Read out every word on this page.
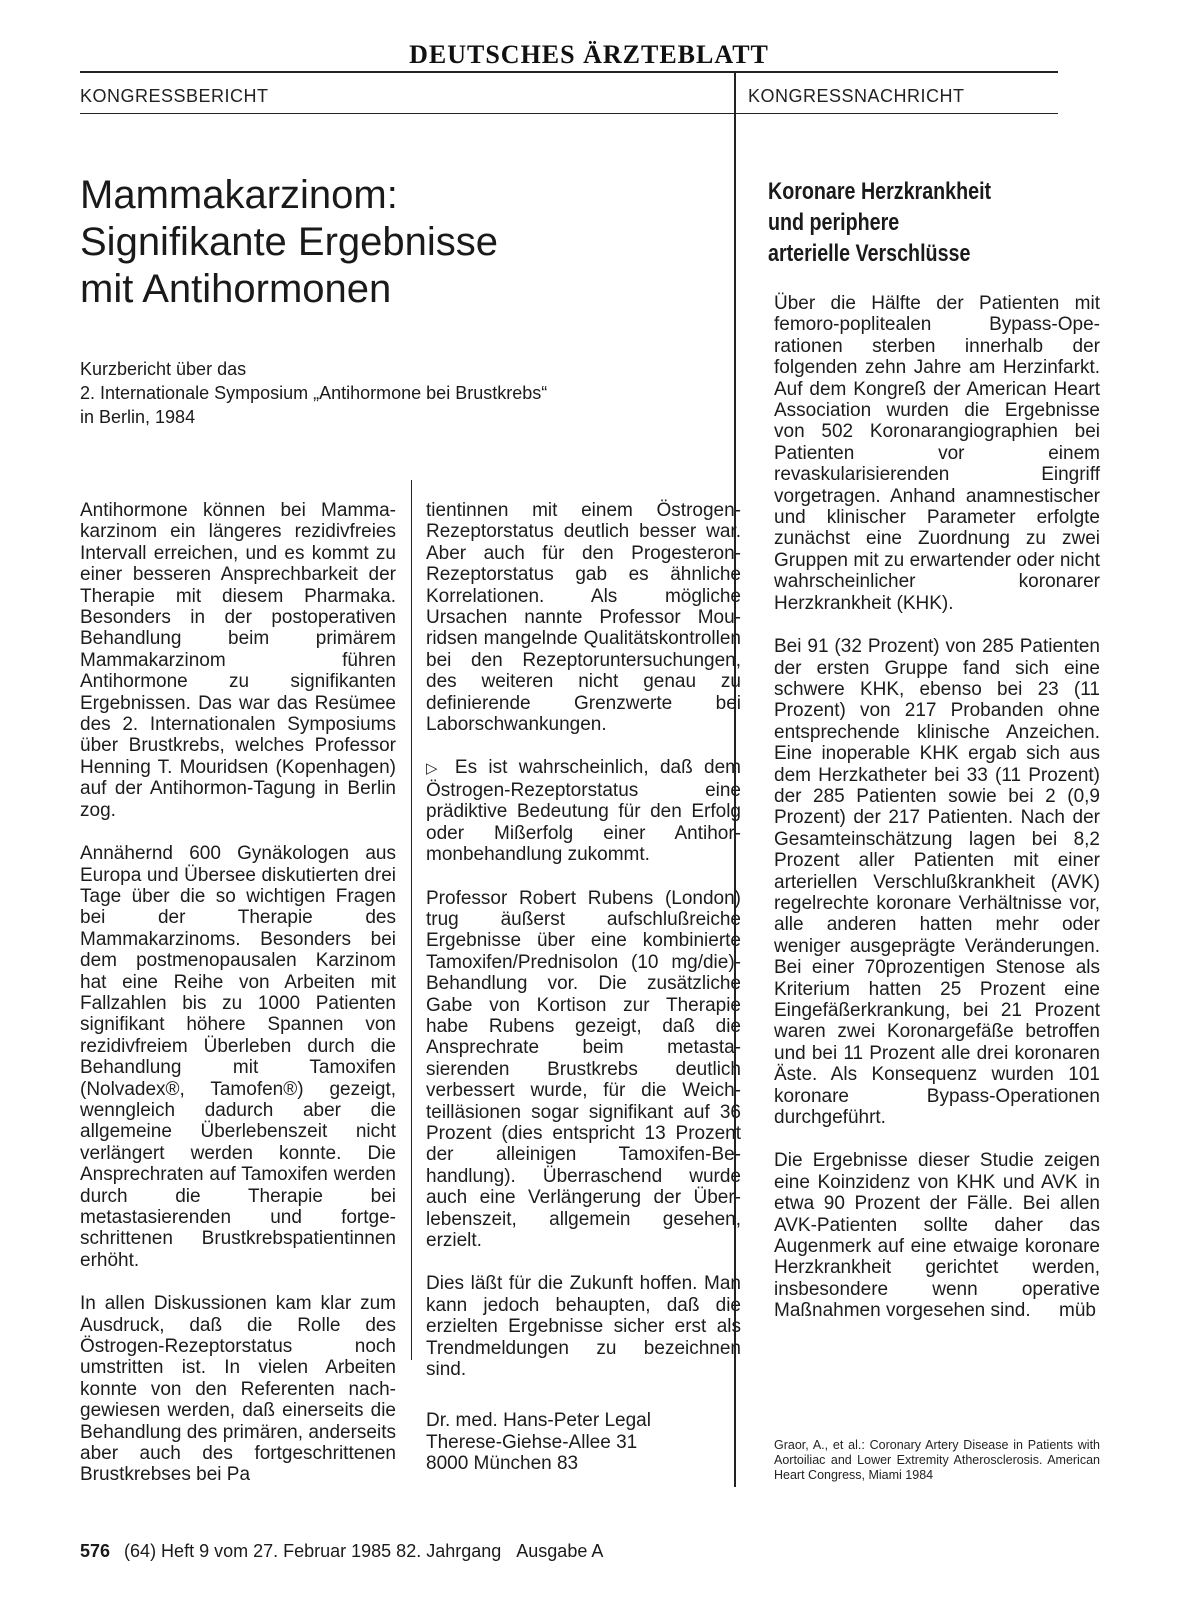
DEUTSCHES ÄRZTEBLATT
KONGRESSBERICHT	KONGRESSNACHRICHT
Mammakarzinom:
Signifikante Ergebnisse
mit Antihormonen
Kurzbericht über das
2. Internationale Symposium „Antihormone bei Brustkrebs“
in Berlin, 1984

Antihormone können bei Mammakarzinom ein längeres rezidivfreies Intervall erreichen, und es kommt zu einer besseren Ansprechbarkeit der Therapie mit diesem Pharmaka. Besonders in der postoperativen Behandlung beim primärem Mammakarzinom führen Antihormone zu signifikanten Ergebnissen. Das war das Resümee des 2. Internationalen Symposiums über Brustkrebs, welches Professor Henning T. Mouridsen (Kopenhagen) auf der Antihormon-Tagung in Berlin zog.

Annähernd 600 Gynäkologen aus Europa und Übersee diskutierten drei Tage über die so wichtigen Fragen bei der Therapie des Mammakarzinoms. Besonders bei dem postmenopausalen Karzinom hat eine Reihe von Arbeiten mit Fallzahlen bis zu 1000 Patienten signifikant höhere Spannen von rezidivfreiem Überleben durch die Behandlung mit Tamoxifen (Nolvadex®, Tamofen®) gezeigt, wenngleich dadurch aber die allgemeine Überlebenszeit nicht verlängert werden konnte. Die Ansprechraten auf Tamoxifen werden durch die Therapie bei metastasierenden und fortgeschrittenen Brustkrebspatientinnen erhöht.

In allen Diskussionen kam klar zum Ausdruck, daß die Rolle des Östrogen-Rezeptorstatus noch umstritten ist. In vielen Arbeiten konnte von den Referenten nachgewiesen werden, daß einerseits die Behandlung des primären, anderseits aber auch des fortgeschrittenen Brustkrebses bei Pa

tientinnen mit einem Östrogen-Rezeptorstatus deutlich besser war. Aber auch für den Progesteron-Rezeptorstatus gab es ähnliche Korrelationen. Als mögliche Ursachen nannte Professor Mouridsen mangelnde Qualitätskontrollen bei den Rezeptoruntersuchungen, des weiteren nicht genau zu definierende Grenzwerte bei Laborschwankungen.

▷ Es ist wahrscheinlich, daß dem Östrogen-Rezeptorstatus eine prädiktive Bedeutung für den Erfolg oder Mißerfolg einer Antihormonbehandlung zukommt.

Professor Robert Rubens (London) trug äußerst aufschlußreiche Ergebnisse über eine kombinierte Tamoxifen/Prednisolon (10 mg/die)-Behandlung vor. Die zusätzliche Gabe von Kortison zur Therapie habe Rubens gezeigt, daß die Ansprechrate beim metastasierenden Brustkrebs deutlich verbessert wurde, für die Weichteilläsionen sogar signifikant auf 36 Prozent (dies entspricht 13 Prozent der alleinigen Tamoxifen-Behandlung). Überraschend wurde auch eine Verlängerung der Überlebenszeit, allgemein gesehen, erzielt.

Dies läßt für die Zukunft hoffen. Man kann jedoch behaupten, daß die erzielten Ergebnisse sicher erst als Trendmeldungen zu bezeichnen sind.

Dr. med. Hans-Peter Legal
Therese-Giehse-Allee 31
8000 München 83
Koronare Herzkrankheit
und periphere
arterielle Verschlüsse

Über die Hälfte der Patienten mit femoro-poplitealen Bypass-Operationen sterben innerhalb der folgenden zehn Jahre am Herzinfarkt. Auf dem Kongreß der American Heart Association wurden die Ergebnisse von 502 Koronarangiographien bei Patienten vor einem revaskularisierenden Eingriff vorgetragen. Anhand anamnestischer und klinischer Parameter erfolgte zunächst eine Zuordnung zu zwei Gruppen mit zu erwartender oder nicht wahrscheinlicher koronarer Herzkrankheit (KHK).

Bei 91 (32 Prozent) von 285 Patienten der ersten Gruppe fand sich eine schwere KHK, ebenso bei 23 (11 Prozent) von 217 Probanden ohne entsprechende klinische Anzeichen. Eine inoperable KHK ergab sich aus dem Herzkatheter bei 33 (11 Prozent) der 285 Patienten sowie bei 2 (0,9 Prozent) der 217 Patienten. Nach der Gesamteinschätzung lagen bei 8,2 Prozent aller Patienten mit einer arteriellen Verschlußkrankheit (AVK) regelrechte koronare Verhältnisse vor, alle anderen hatten mehr oder weniger ausgeprägte Veränderungen. Bei einer 70prozentigen Stenose als Kriterium hatten 25 Prozent eine Eingefäßerkrankung, bei 21 Prozent waren zwei Koronargefäße betroffen und bei 11 Prozent alle drei koronaren Äste. Als Konsequenz wurden 101 koronare Bypass-Operationen durchgeführt.

Die Ergebnisse dieser Studie zeigen eine Koinzidenz von KHK und AVK in etwa 90 Prozent der Fälle. Bei allen AVK-Patienten sollte daher das Augenmerk auf eine etwaige koronare Herzkrankheit gerichtet werden, insbesondere wenn operative Maßnahmen vorgesehen sind.	müb
Graor, A., et al.: Coronary Artery Disease in Patients with Aortoiliac and Lower Extremity Atherosclerosis. American Heart Congress, Miami 1984
576 (64) Heft 9 vom 27. Februar 1985 82. Jahrgang Ausgabe A
